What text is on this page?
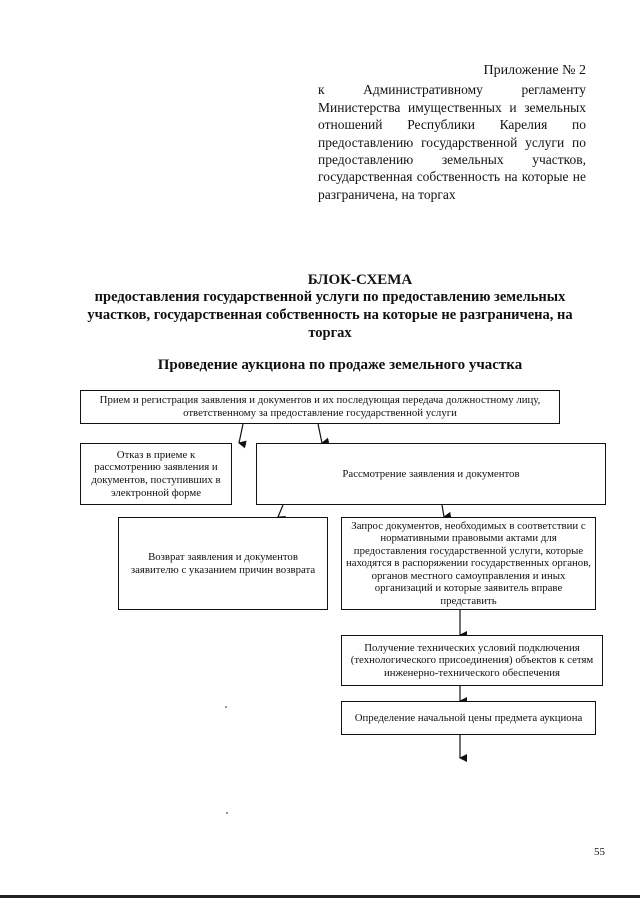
Приложение № 2
к Административному регламенту Министерства имущественных и земельных отношений Республики Карелия по предоставлению государственной услуги по предоставлению земельных участков, государственная собственность на которые не разграничена, на торгах
БЛОК-СХЕМА
предоставления государственной услуги по предоставлению земельных участков, государственная собственность на которые не разграничена, на торгах
Проведение аукциона по продаже земельного участка
Прием и регистрация заявления и документов и их последующая передача должностному лицу, ответственному за предоставление государственной услуги
Отказ в приеме к рассмотрению заявления и документов, поступивших в электронной форме
Рассмотрение заявления и документов
Возврат заявления и документов заявителю с указанием причин возврата
Запрос документов, необходимых в соответствии с нормативными правовыми актами для предоставления государственной услуги, которые находятся в распоряжении государственных органов, органов местного самоуправления и иных организаций и которые заявитель вправе представить
Получение технических условий подключения (технологического присоединения) объектов к сетям инженерно-технического обеспечения
Определение начальной цены предмета аукциона
55
